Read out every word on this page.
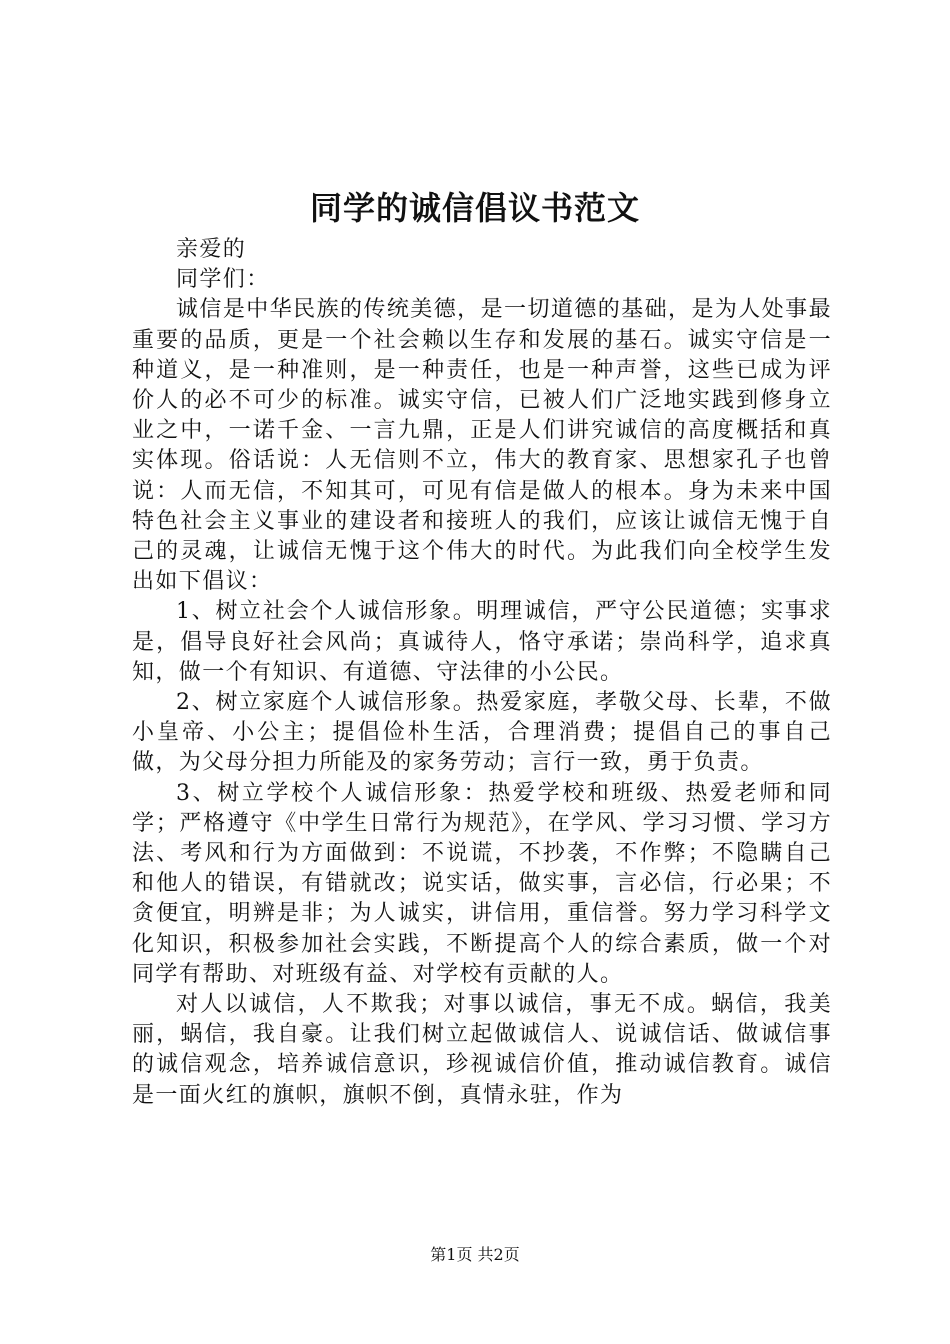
同学的诚信倡议书范文

亲爱的

同学们：

诚信是中华民族的传统美德，是一切道德的基础，是为人处事最重要的品质，更是一个社会赖以生存和发展的基石。诚实守信是一种道义，是一种准则，是一种责任，也是一种声誉，这些已成为评价人的必不可少的标准。诚实守信，已被人们广泛地实践到修身立业之中，一诺千金、一言九鼎，正是人们讲究诚信的高度概括和真实体现。俗话说：人无信则不立，伟大的教育家、思想家孔子也曾说：人而无信，不知其可，可见有信是做人的根本。身为未来中国特色社会主义事业的建设者和接班人的我们，应该让诚信无愧于自己的灵魂，让诚信无愧于这个伟大的时代。为此我们向全校学生发出如下倡议：

1、树立社会个人诚信形象。明理诚信，严守公民道德；实事求是，倡导良好社会风尚；真诚待人，恪守承诺；崇尚科学，追求真知，做一个有知识、有道德、守法律的小公民。

2、树立家庭个人诚信形象。热爱家庭，孝敬父母、长辈，不做小皇帝、小公主；提倡俭朴生活，合理消费；提倡自己的事自己做，为父母分担力所能及的家务劳动；言行一致，勇于负责。

3、树立学校个人诚信形象：热爱学校和班级、热爱老师和同学；严格遵守《中学生日常行为规范》，在学风、学习习惯、学习方法、考风和行为方面做到：不说谎，不抄袭，不作弊；不隐瞒自己和他人的错误，有错就改；说实话，做实事，言必信，行必果；不贪便宜，明辨是非；为人诚实，讲信用，重信誉。努力学习科学文化知识，积极参加社会实践，不断提高个人的综合素质，做一个对同学有帮助、对班级有益、对学校有贡献的人。

对人以诚信，人不欺我；对事以诚信，事无不成。蜗信，我美丽，蜗信，我自豪。让我们树立起做诚信人、说诚信话、做诚信事的诚信观念，培养诚信意识，珍视诚信价值，推动诚信教育。诚信是一面火红的旗帜，旗帜不倒，真情永驻，作为

第1页 共2页
